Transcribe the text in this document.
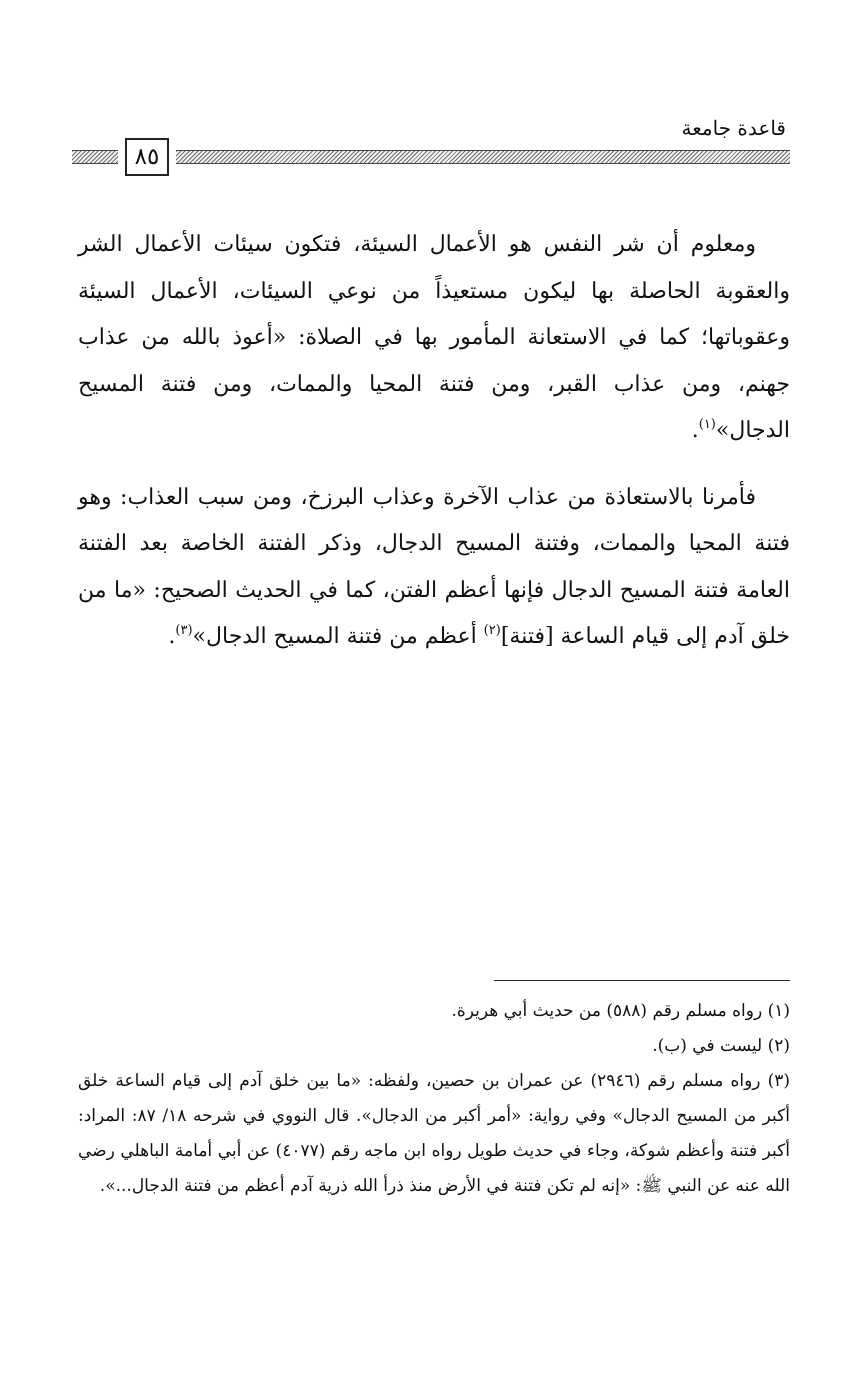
قاعدة جامعة
٨٥

ومعلوم أن شر النفس هو الأعمال السيئة، فتكون سيئات الأعمال الشر والعقوبة الحاصلة بها ليكون مستعيذاً من نوعي السيئات، الأعمال السيئة وعقوباتها؛ كما في الاستعانة المأمور بها في الصلاة: «أعوذ بالله من عذاب جهنم، ومن عذاب القبر، ومن فتنة المحيا والممات، ومن فتنة المسيح الدجال»$^{(١)}$.

فأمرنا بالاستعاذة من عذاب الآخرة وعذاب البرزخ، ومن سبب العذاب: وهو فتنة المحيا والممات، وفتنة المسيح الدجال، وذكر الفتنة الخاصة بعد الفتنة العامة فتنة المسيح الدجال فإنها أعظم الفتن، كما في الحديث الصحيح: «ما من خلق آدم إلى قيام الساعة [فتنة]$^{(٢)}$ أعظم من فتنة المسيح الدجال»$^{(٣)}$.

(١) رواه مسلم رقم (٥٨٨) من حديث أبي هريرة.

(٢) ليست في (ب).

(٣) رواه مسلم رقم (٢٩٤٦) عن عمران بن حصين، ولفظه: «ما بين خلق آدم إلى قيام الساعة خلق أكبر من المسيح الدجال» وفي رواية: «أمر أكبر من الدجال». قال النووي في شرحه ١٨/ ٨٧: المراد: أكبر فتنة وأعظم شوكة، وجاء في حديث طويل رواه ابن ماجه رقم (٤٠٧٧) عن أبي أمامة الباهلي رضي الله عنه عن النبي ﷺ: «إنه لم تكن فتنة في الأرض منذ ذرأ الله ذرية آدم أعظم من فتنة الدجال...».
